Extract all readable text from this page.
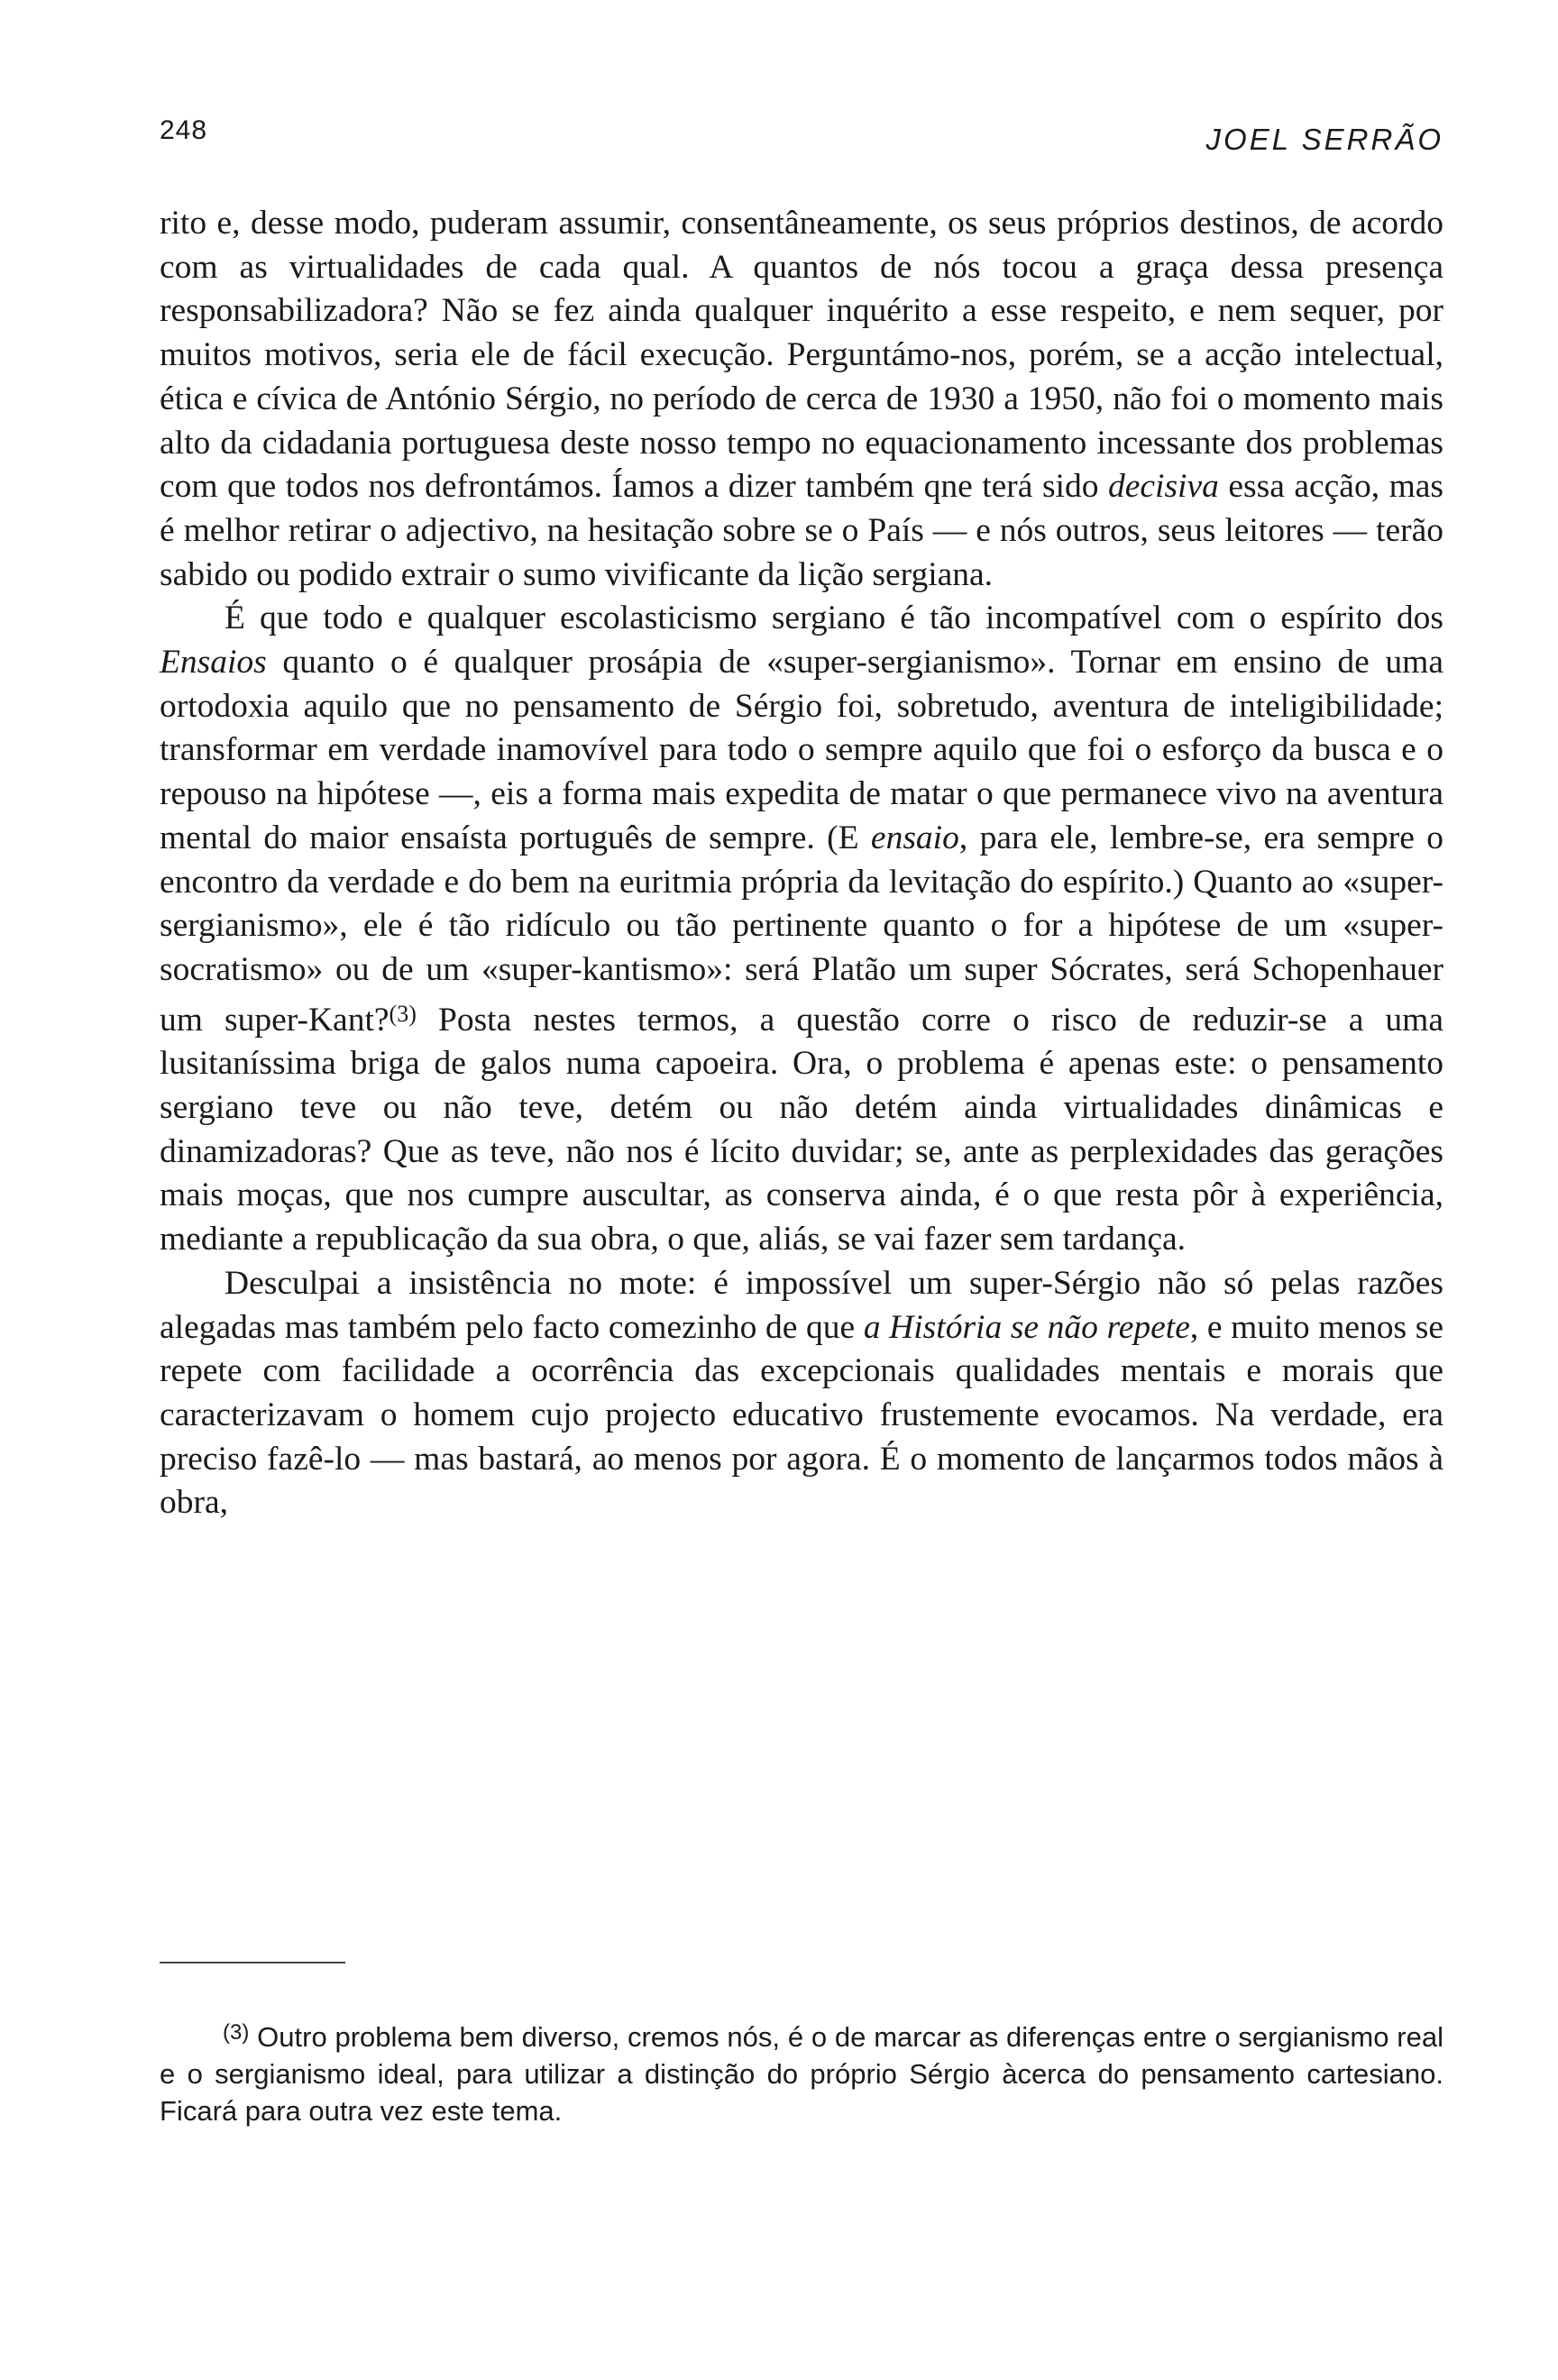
248	JOEL SERRÃO

rito e, desse modo, puderam assumir, consentâneamente, os seus próprios destinos, de acordo com as virtualidades de cada qual. A quantos de nós tocou a graça dessa presença responsabilizadora? Não se fez ainda qualquer inquérito a esse respeito, e nem sequer, por muitos motivos, seria ele de fácil execução. Perguntámo-nos, porém, se a acção intelectual, ética e cívica de António Sérgio, no período de cerca de 1930 a 1950, não foi o momento mais alto da cidadania portuguesa deste nosso tempo no equacionamento incessante dos problemas com que todos nos defrontámos. Íamos a dizer também qne terá sido decisiva essa acção, mas é melhor retirar o adjectivo, na hesitação sobre se o País — e nós outros, seus leitores — terão sabido ou podido extrair o sumo vivificante da lição sergiana.

É que todo e qualquer escolasticismo sergiano é tão incompatível com o espírito dos Ensaios quanto o é qualquer prosápia de «super-sergianismo». Tornar em ensino de uma ortodoxia aquilo que no pensamento de Sérgio foi, sobretudo, aventura de inteligibilidade; transformar em verdade inamovível para todo o sempre aquilo que foi o esforço da busca e o repouso na hipótese —, eis a forma mais expedita de matar o que permanece vivo na aventura mental do maior ensaísta português de sempre. (E ensaio, para ele, lembre-se, era sempre o encontro da verdade e do bem na euritmia própria da levitação do espírito.) Quanto ao «super-sergianismo», ele é tão ridículo ou tão pertinente quanto o for a hipótese de um «super-socratismo» ou de um «super-kantismo»: será Platão um super Sócrates, será Schopenhauer um super-Kant?$^{(3)}$ Posta nestes termos, a questão corre o risco de reduzir-se a uma lusitaníssima briga de galos numa capoeira. Ora, o problema é apenas este: o pensamento sergiano teve ou não teve, detém ou não detém ainda virtualidades dinâmicas e dinamizadoras? Que as teve, não nos é lícito duvidar; se, ante as perplexidades das gerações mais moças, que nos cumpre auscultar, as conserva ainda, é o que resta pôr à experiência, mediante a republicação da sua obra, o que, aliás, se vai fazer sem tardança.

Desculpai a insistência no mote: é impossível um super-Sérgio não só pelas razões alegadas mas também pelo facto comezinho de que a História se não repete, e muito menos se repete com facilidade a ocorrência das excepcionais qualidades mentais e morais que caracterizavam o homem cujo projecto educativo frustemente evocamos. Na verdade, era preciso fazê-lo — mas bastará, ao menos por agora. É o momento de lançarmos todos mãos à obra,

$^{(3)}$ Outro problema bem diverso, cremos nós, é o de marcar as diferenças entre o sergianismo real e o sergianismo ideal, para utilizar a distinção do próprio Sérgio àcerca do pensamento cartesiano. Ficará para outra vez este tema.
